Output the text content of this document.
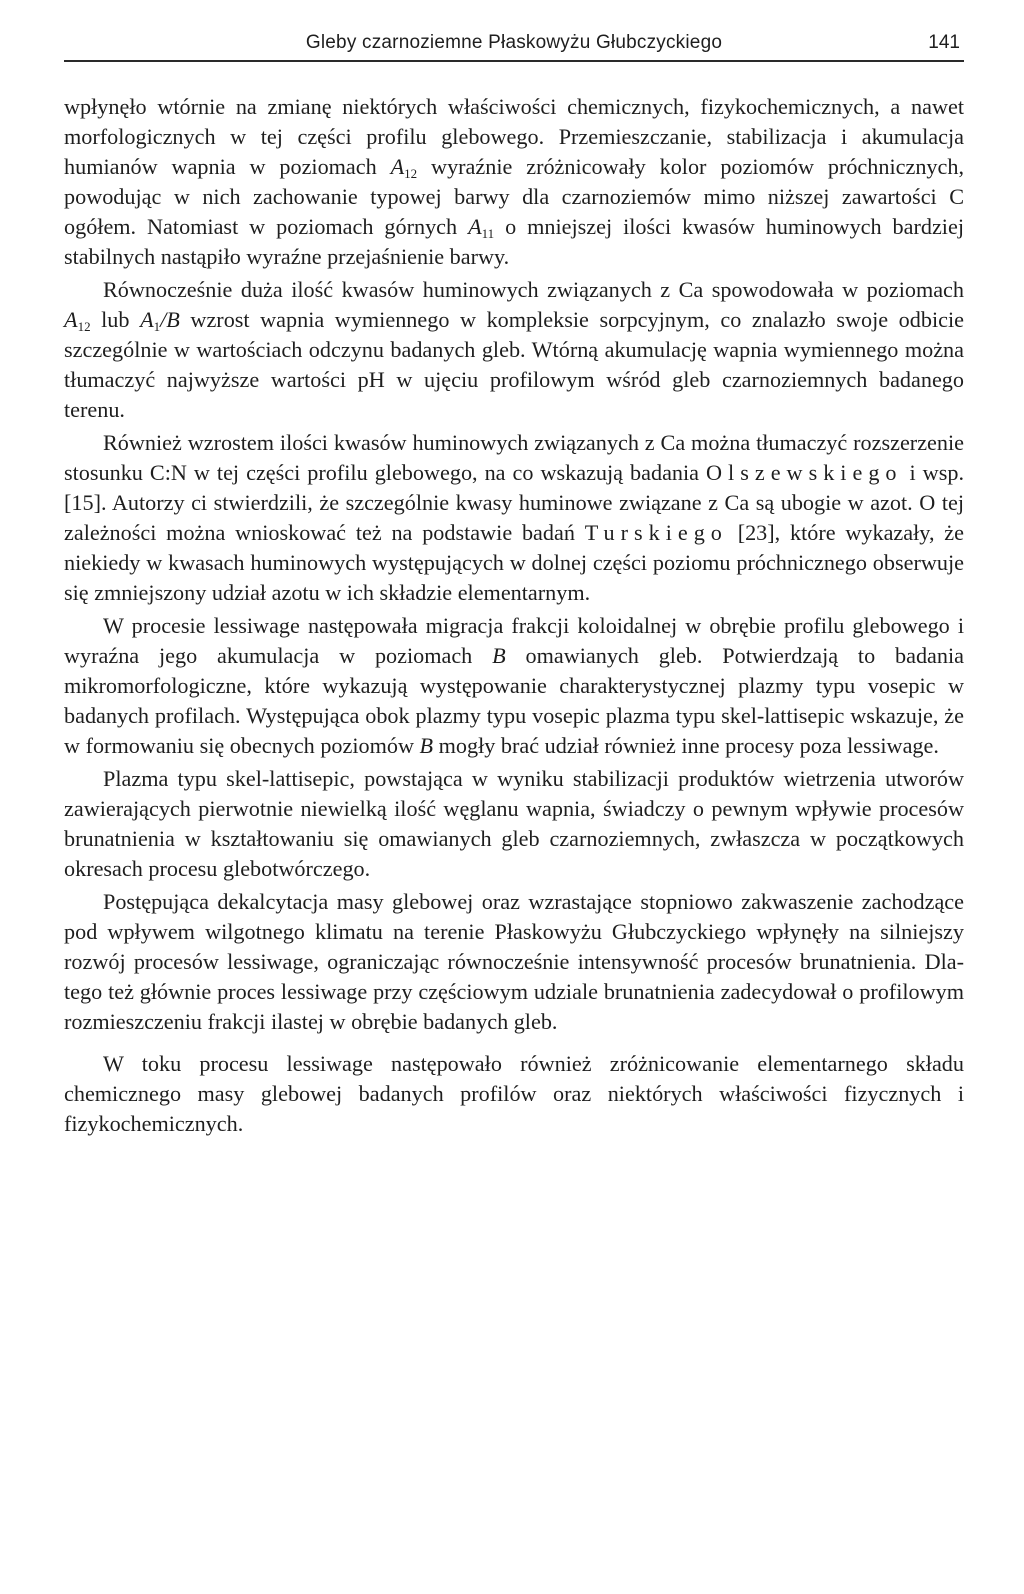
Gleby czarnoziemne Płaskowyżu Głubczyckiego	141

wpłynęło wtórnie na zmianę niektórych właściwości chemicznych, fizykochemicznych, a nawet morfologicznych w tej części profilu glebowego. Przemieszczanie, stabilizacja i akumulacja humianów wapnia w poziomach $A_{12}$ wyraźnie zróżnicowały kolor poziomów próchnicznych, powodując w nich zachowanie typowej barwy dla czarnoziemów mimo niższej zawartości C ogółem. Natomiast w poziomach górnych $A_{11}$ o mniejszej ilości kwasów huminowych bardziej stabilnych nastąpiło wyraźne przejaśnienie barwy.

Równocześnie duża ilość kwasów huminowych związanych z Ca spowodowała w poziomach $A_{12}$ lub $A_1/B$ wzrost wapnia wymiennego w kompleksie sorpcyjnym, co znalazło swoje odbicie szczególnie w wartościach odczynu badanych gleb. Wtórną akumulację wapnia wymiennego można tłumaczyć najwyższe wartości pH w ujęciu profilowym wśród gleb czarnoziemnych badanego terenu.

Również wzrostem ilości kwasów huminowych związanych z Ca można tłumaczyć rozszerzenie stosunku C:N w tej części profilu glebowego, na co wskazują badania Olszewskiego i wsp. [15]. Autorzy ci stwierdzili, że szczególnie kwasy huminowe związane z Ca są ubogie w azot. O tej zależności można wnioskować też na podstawie badań Turskiego [23], które wykazały, że niekiedy w kwasach huminowych występujących w dolnej części poziomu próchnicznego obserwuje się zmniejszony udział azotu w ich składzie elementarnym.

W procesie lessiwage następowała migracja frakcji koloidalnej w obrębie profilu glebowego i wyraźna jego akumulacja w poziomach B omawianych gleb. Potwierdzają to badania mikromorfologiczne, które wykazują występowanie charakterystycznej plazmy typu vosepic w badanych profilach. Występująca obok plazmy typu vosepic plazma typu skel-lattisepic wskazuje, że w formowaniu się obecnych poziomów B mogły brać udział również inne procesy poza lessiwage.

Plazma typu skel-lattisepic, powstająca w wyniku stabilizacji produktów wietrzenia utworów zawierających pierwotnie niewielką ilość węglanu wapnia, świadczy o pewnym wpływie procesów brunatnienia w kształtowaniu się omawianych gleb czarnoziemnych, zwłaszcza w początkowych okresach procesu glebotwórczego.

Postępująca dekalcytacja masy glebowej oraz wzrastające stopniowo zakwaszenie zachodzące pod wpływem wilgotnego klimatu na terenie Płaskowyżu Głubczyckiego wpłynęły na silniejszy rozwój procesów lessiwage, ograniczając równocześnie intensywność procesów brunatnienia. Dlatego też głównie proces lessiwage przy częściowym udziale brunatnienia zadecydował o profilowym rozmieszczeniu frakcji ilastej w obrębie badanych gleb.

W toku procesu lessiwage następowało również zróżnicowanie elementarnego składu chemicznego masy glebowej badanych profilów oraz niektórych właściwości fizycznych i fizykochemicznych.
